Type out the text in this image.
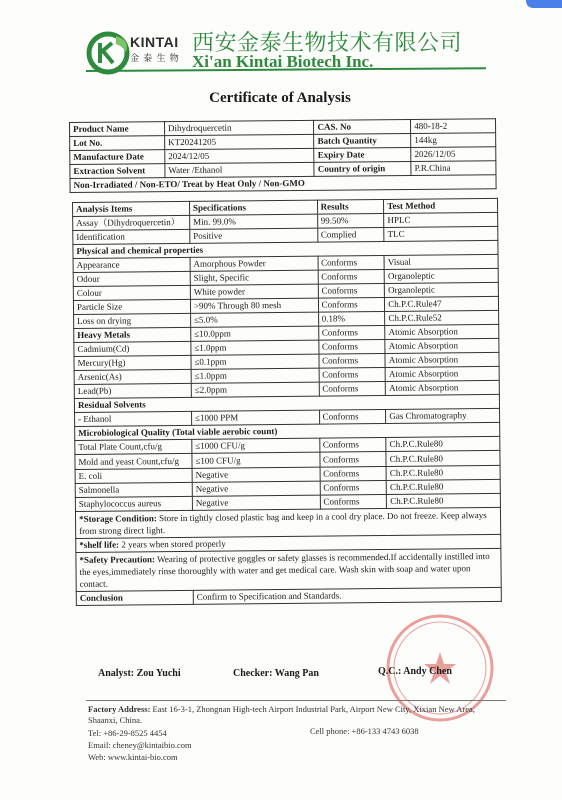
KINTAI
金 泰 生 物
西安金泰生物技术有限公司
Xi'an Kintai Biotech Inc.
Certificate of Analysis
Product Name	Dihydroquercetin	CAS. No	480-18-2
Lot No.	KT20241205	Batch Quantity	144kg
Manufacture Date	2024/12/05	Expiry Date	2026/12/05
Extraction Solvent	Water /Ethanol	Country of origin	P.R.China
Non-Irradiated / Non-ETO/ Treat by Heat Only / Non-GMO			
Analysis Items	Specifications	Results	Test Method
Assay（Dihydroquercetin）	Min. 99.0%	99.50%	HPLC
Identification	Positive	Complied	TLC
Physical and chemical properties			
Appearance	Amorphous Powder	Conforms	Visual
Odour	Slight, Specific	Conforms	Organoleptic
Colour	White powder	Conforms	Organoleptic
Particle Size	>90% Through 80 mesh	Conforms	Ch.P.C.Rule47
Loss on drying	≤5.0%	0.18%	Ch.P.C.Rule52
Heavy Metals	≤10.0ppm	Conforms	Atomic Absorption
Cadmium(Cd)	≤1.0ppm	Conforms	Atomic Absorption
Mercury(Hg)	≤0.1ppm	Conforms	Atomic Absorption
Arsenic(As)	≤1.0ppm	Conforms	Atomic Absorption
Lead(Pb)	≤2.0ppm	Conforms	Atomic Absorption
Residual Solvents			
- Ethanol	≤1000 PPM	Conforms	Gas Chromatography
Microbiological Quality (Total viable aerobic count)			
Total Plate Count,cfu/g	≤1000 CFU/g	Conforms	Ch.P.C.Rule80
Mold and yeast Count,cfu/g	≤100 CFU/g	Conforms	Ch.P.C.Rule80
E. coli	Negative	Conforms	Ch.P.C.Rule80
Salmonella	Negative	Conforms	Ch.P.C.Rule80
Staphylococcus aureus	Negative	Conforms	Ch.P.C.Rule80
*Storage Condition: Store in tightly closed plastic bag and keep in a cool dry place. Do not freeze. Keep always from strong direct light.			
*shelf life: 2 years when stored properly			
*Safety Precaution: Wearing of protective goggles or safety glasses is recommended.If accidentally instilled into the eyes,immediately rinse thoroughly with water and get medical care. Wash skin with soap and water upon contact.			
Conclusion	Confirm to Specification and Standards.		
Analyst: Zou Yuchi	Checker: Wang Pan	Q.C.: Andy Chen
Factory Address: East 16-3-1, Zhongnan High-tech Airport Industrial Park, Airport New City, Xixian New Area, Shaanxi, China.
Tel: +86-29-8525 4454	Cell phone: +86-133 4743 6038
Email: cheney@kintaibio.com
Web: www.kintai-bio.com
